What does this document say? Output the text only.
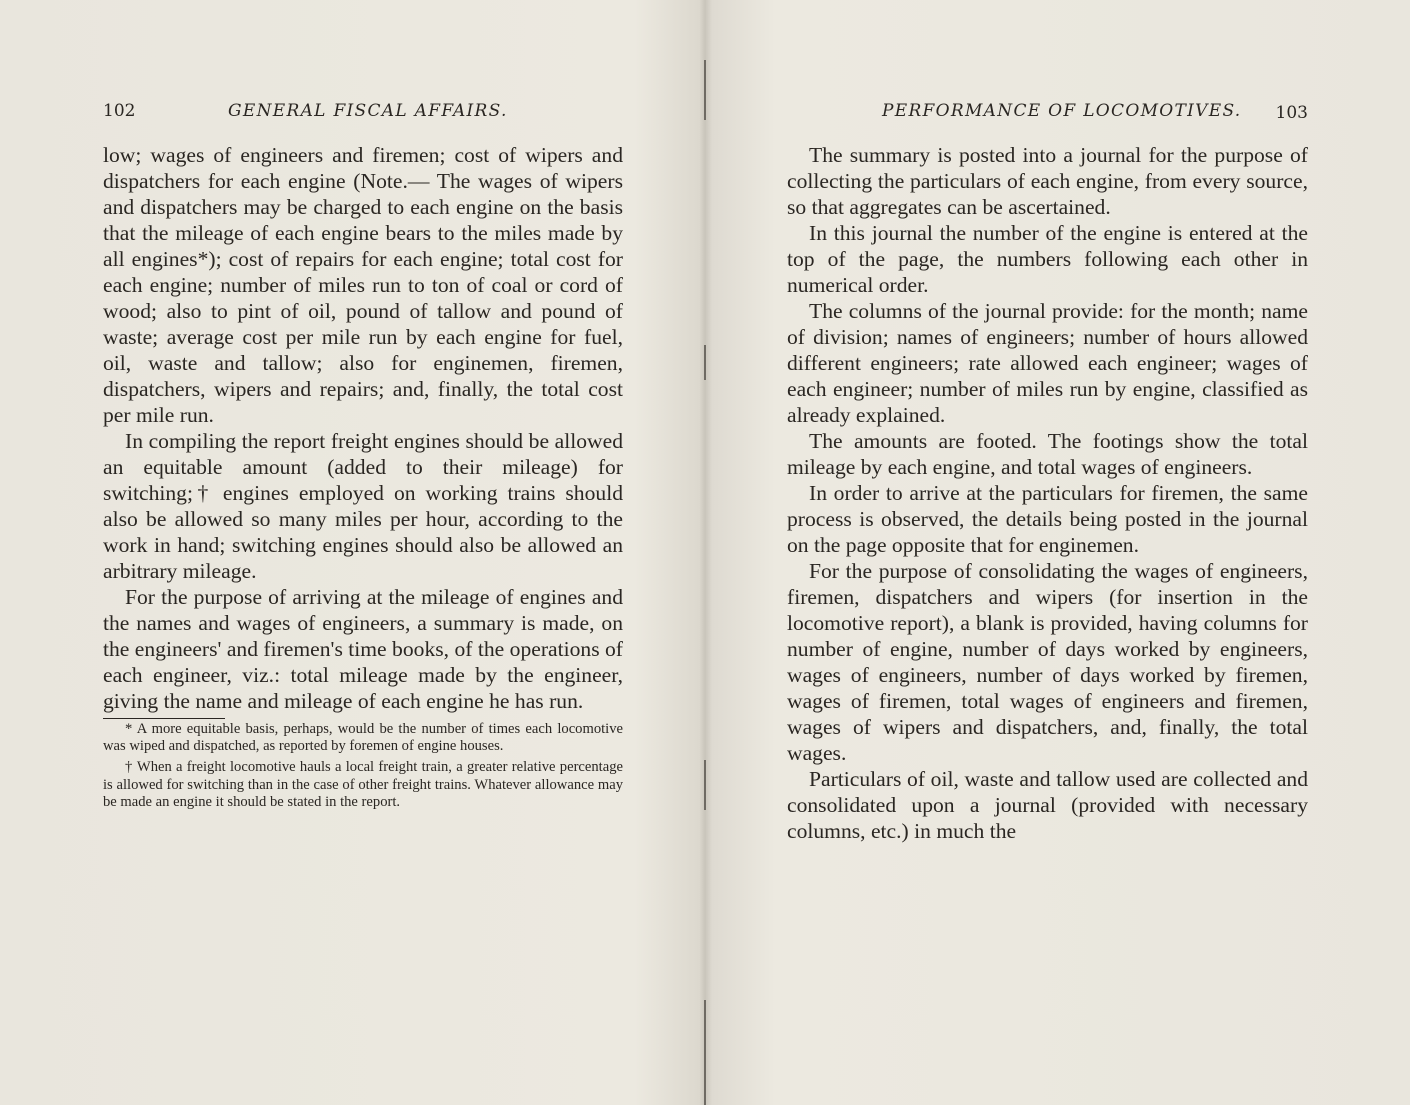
102	GENERAL FISCAL AFFAIRS.

low; wages of engineers and firemen; cost of wipers and dispatchers for each engine (Note.— The wages of wipers and dispatchers may be charged to each engine on the basis that the mileage of each engine bears to the miles made by all engines*); cost of repairs for each engine; total cost for each engine; number of miles run to ton of coal or cord of wood; also to pint of oil, pound of tallow and pound of waste; average cost per mile run by each engine for fuel, oil, waste and tallow; also for enginemen, firemen, dispatchers, wipers and repairs; and, finally, the total cost per mile run.

In compiling the report freight engines should be allowed an equitable amount (added to their mileage) for switching;† engines employed on working trains should also be allowed so many miles per hour, according to the work in hand; switching engines should also be allowed an arbitrary mileage.

For the purpose of arriving at the mileage of engines and the names and wages of engineers, a summary is made, on the engineers' and firemen's time books, of the operations of each engineer, viz.: total mileage made by the engineer, giving the name and mileage of each engine he has run.

* A more equitable basis, perhaps, would be the number of times each locomotive was wiped and dispatched, as reported by foremen of engine houses.

† When a freight locomotive hauls a local freight train, a greater relative percentage is allowed for switching than in the case of other freight trains. Whatever allowance may be made an engine it should be stated in the report.

PERFORMANCE OF LOCOMOTIVES. 103

The summary is posted into a journal for the purpose of collecting the particulars of each engine, from every source, so that aggregates can be ascertained.

In this journal the number of the engine is entered at the top of the page, the numbers following each other in numerical order.

The columns of the journal provide: for the month; name of division; names of engineers; number of hours allowed different engineers; rate allowed each engineer; wages of each engineer; number of miles run by engine, classified as already explained.

The amounts are footed. The footings show the total mileage by each engine, and total wages of engineers.

In order to arrive at the particulars for firemen, the same process is observed, the details being posted in the journal on the page opposite that for enginemen.

For the purpose of consolidating the wages of engineers, firemen, dispatchers and wipers (for insertion in the locomotive report), a blank is provided, having columns for number of engine, number of days worked by engineers, wages of engineers, number of days worked by firemen, wages of firemen, total wages of engineers and firemen, wages of wipers and dispatchers, and, finally, the total wages.

Particulars of oil, waste and tallow used are collected and consolidated upon a journal (provided with necessary columns, etc.) in much the
